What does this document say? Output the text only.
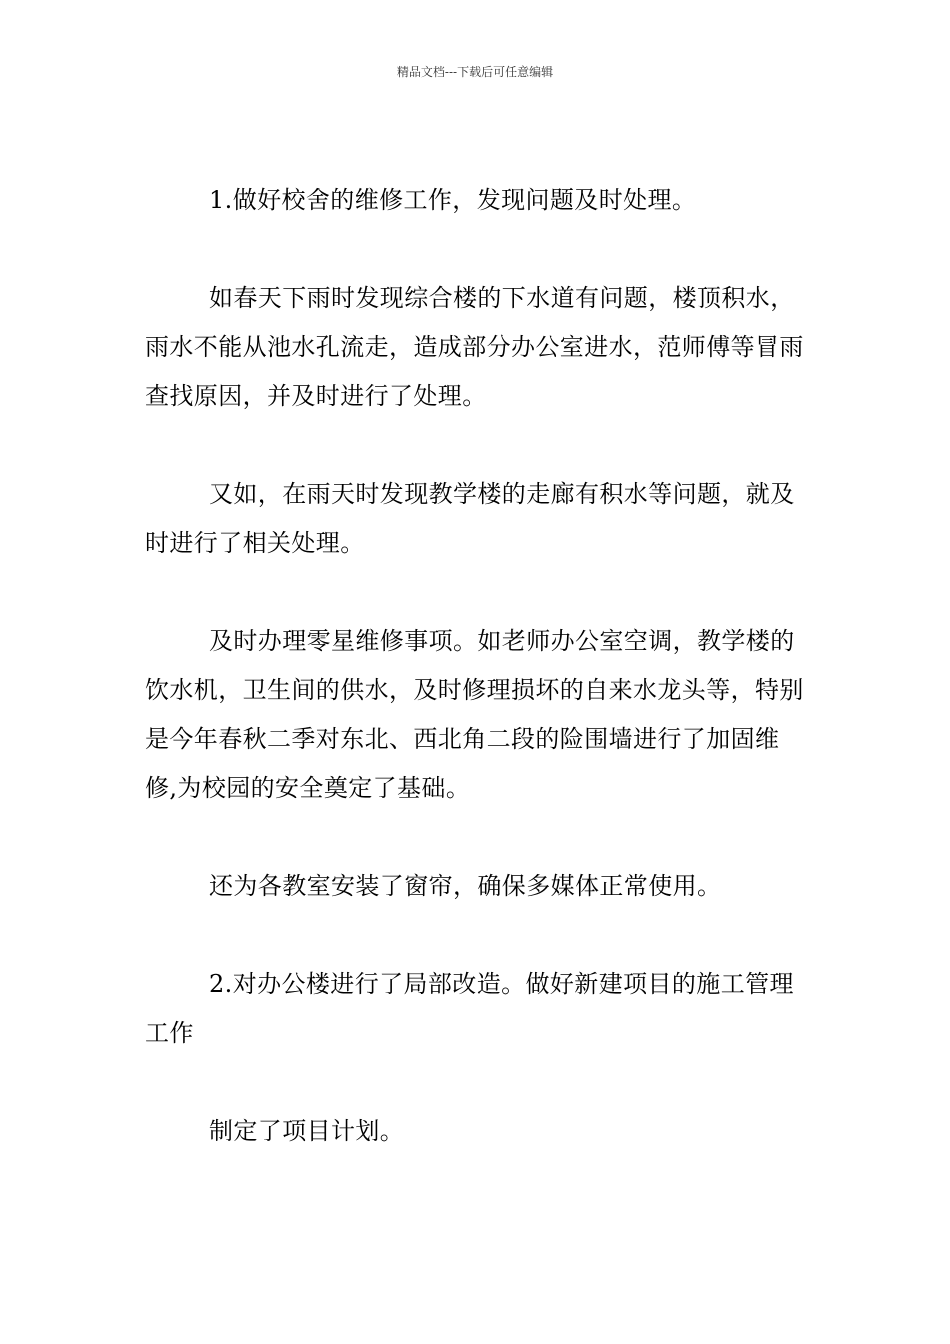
精品文档---下载后可任意编辑

1.做好校舍的维修工作，发现问题及时处理。

如春天下雨时发现综合楼的下水道有问题，楼顶积水，雨水不能从池水孔流走，造成部分办公室进水，范师傅等冒雨查找原因，并及时进行了处理。

又如，在雨天时发现教学楼的走廊有积水等问题，就及时进行了相关处理。

及时办理零星维修事项。如老师办公室空调，教学楼的饮水机，卫生间的供水，及时修理损坏的自来水龙头等，特别是今年春秋二季对东北、西北角二段的险围墙进行了加固维修,为校园的安全奠定了基础。

还为各教室安装了窗帘，确保多媒体正常使用。

2.对办公楼进行了局部改造。做好新建项目的施工管理工作

制定了项目计划。
